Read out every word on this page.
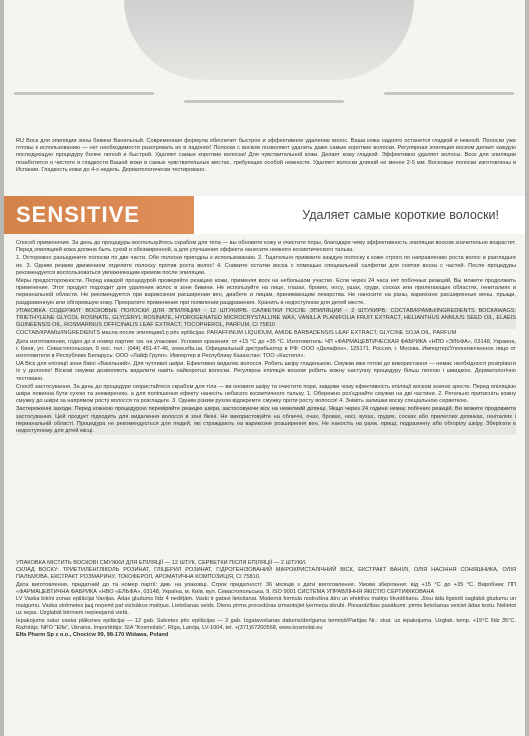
RU Воск для эпиляции зоны бикини Ванильный. Современная формула обеспечит быстрое и эффективное удаление волос. Ваша кожа надолго останется гладкой и нежной. Полоски уже готовы к использованию — нет необходимости разогревать их в ладонях! Полоски с воском позволяют удалить даже самые короткие волоски. Регулярная эпиляция воском делает каждую последующую процедуру более легкой и быстрой. Удаляет самые короткие волоски! Для чувствительной кожи. Делает кожу гладкой. Эффективно удаляет волосы. Воск для эпиляции позаботится о чистоте и гладкости Вашей кожи в самых чувствительных местах, требующих особой нежности. Удаляет волоски длиной не менее 2-5 мм. Восковые полоски изготовлены в Испании. Гладкость кожи до 4-х недель. Дерматологически тестировано.

SENSITIVE	Удаляет самые короткие волоски!

Способ применения. За день до процедуры воспользуйтесь скрабом для тела — вы обновите кожу и очистите поры, благодаря чему эффективность эпиляции воском значительно возрастет. Перед эпиляцией кожа должна быть сухой и обезжиренной, а для улучшения эффекта нанесите немного косметического талька.

1. Осторожно разъедините полоски по две части. Обе полоски пригодны к использованию. 2. Тщательно прижмите каждую полоску к коже строго по направлению роста волос и разгладьте их. 3. Одним резким движением отделите полоску против роста волос! 4. Снимите остатки воска с помощью специальной салфетки для снятия воска с частей. После процедуры рекомендуется воспользоваться увлажняющим кремом после эпиляции.

Меры предосторожности. Перед каждой процедурой проверяйте реакцию кожи, применяя воск на небольшом участке. Если через 24 часа нет побочных реакций, Вы можете продолжить применение. Этот продукт подходит для удаления волос в зоне бикини. Не используйте на лице, глазах, бровях, носу, ушах, груди, сосках или прилегающих областях, гениталиях и перианальной области. Не рекомендуется при варикозном расширении вен, диабете и лицам, принимающим лекарства. Не наносите на раны, варикозно расширенные вены, прыщи, раздраженную или обгоревшую кожу. Прекратите применение при появлении раздражения. Хранить в недоступном для детей месте.

УПАКОВКА СОДЕРЖИТ ВОСКОВЫЕ ПОЛОСКИ ДЛЯ ЭПИЛЯЦИИ - 12 ШТУКИРВ. САЛФЕТКИ ПОСЛЕ ЭПИЛЯЦИИ - 2 ШТУКИРВ. СОСТАВ/КРАМЫ/INGREDIENTS ВОСКАWAGS: TRIETHYLENE GLYCOL ROSINATE, GLYCERYL ROSINATE, HYDROGENATED MICROCRYSTALLINE WAX, VANILLA PLANIFOLIA FRUIT EXTRACT, HELIANTHUS ANNUUS SEED OIL, ELAEIS GUINEENSIS OIL, ROSMARINUS OFFICINALIS LEAF EXTRACT, TOCOPHEROL, PARFUM, CI 75810

СОСТАВ/КРАМЫ/INGREDIENTS масла после эпиляции/Lņ pēc epilācijas: PARAFFINUM LIQUIDUM, AMIDE BARBADENSIS LEAF EXTRACT, GLYCINE SOJA OIL, PARFUM

Дата изготовления, годен до и номер партии: см. на упаковке. Условия хранения: от +15 °С до +35 °С. Изготовитель: ЧП «ФАРМАЦЕВТИЧЕСКАЯ ФАБРИКА «НПО «ЭЛЬФА», 03148, Украина, г. Киев, ул. Севастопольская, 9 оос. тел.: (044) 451-47-46, www.elfa.ua. Официальный дистрибьютор в РФ: ООО «Делафон», 125171, Россия, г. Москва. Импортер/Уполномоченное лицо от изготовителя в Республике Беларусь: ООО «Лайф Групп». Импортер в Республику Казахстан: ТОО «Кастелл».

UA Віск для епіляції зони бікіні «Ванільний». Для чутливої шкіри. Ефективно видаляє волосся. Робить шкіру гладенькою. Смужки вже готові до використання — немає необхідності розігрівати їх у долонях! Віскові смужки дозволяють видалити навіть найкоротші волоски. Регулярна епіляція воском робить кожну наступну процедуру більш легкою і швидкою. Дерматологічно тестовано.

Спосіб застосування. За день до процедури скористайтеся скрабом для тіла — ви оновите шкіру та очистите пори, завдяки чому ефективність епіляції воском значно зросте. Перед епіляцією шкіра повинна бути сухою та знежиреною, а для поліпшення ефекту нанесіть небагато косметичного тальку. 1. Обережно роз'єднайте смужки на дві частини. 2. Ретельно притисніть кожну смужку до шкіри за напрямом росту волосся та розгладьте. 3. Одним різким рухом відокремте смужку проти росту волосся! 4. Зніміть залишки воску спеціальною серветкою.

Застереженні заходи. Перед кожною процедурою перевіряйте реакцію шкіри, застосовуючи віск на невеликій ділянці. Якщо через 24 години немає побічних реакцій, Ви можете продовжити застосування. Цей продукт підходить для видалення волосся в зоні бікіні. Не використовуйте на обличчі, очах, бровах, носі, вухах, грудях, сосках або прилеглих ділянках, геніталіях і перианальній області. Процедура не рекомендується для людей, які страждають на варикозне розширення вен. Не наносіть на рани, прищі, подразнену або обгорілу шкіру. Зберігати в недоступному для дітей місці.

УПАКОВКА МІСТИТЬ ВОСКОВІ СМУЖКИ ДЛЯ ЕПІЛЯЦІЇ — 12 ШТУК, СЕРВЕТКИ ПІСЛЯ ЕПІЛЯЦІЇ — 2 ШТУКИ.

СКЛАД ВОСКУ: ТРИЕТИЛЕНГЛІКОЛЬ РОЗИНАТ, ГЛІЦЕРИЛ РОЗИНАТ, ГІДРОГЕНІЗОВАНИЙ МІКРОКРИСТАЛІЧНИЙ ВІСК, ЕКСТРАКТ ВАНІЛІ, ОЛІЯ НАСІННЯ СОНЯШНИКА, ОЛІЯ ПАЛЬМОВА, ЕКСТРАКТ РОЗМАРИНУ, ТОКОФЕРОЛ, АРОМАТИЧНА КОМПОЗИЦІЯ, CI 75810.

Дата виготовлення, придатний до та номер партії: див. на упаковці. Строк придатності: 36 місяців з дати виготовлення. Умови зберігання: від +15 °С до +35 °С. Виробник: ПП «ФАРМАЦЕВТИЧНА ФАБРИКА «НВО «ЕЛЬФА», 03148, Україна, м. Київ, вул. Севастопольська, 9. ISO 9001 СИСТЕМА УПРАВЛІННЯ ЯКІСТЮ СЕРТИФІКОВАНА

LV Vaska bikini zonas epilācijai Vaniļas. Ādas gludums līdz 4 nedēļām. Vaski ir gatavi lietošanai. Modernā formula nodrošina ātru un efektīvu matiņu likvidēšanu. Jūsu āda ilgstoši saglabā gludumu un maigumu. Vaska strēmeles ļauj noņemt pat visīsākos matiņus. Lietošanas veids. Dienu pirms procedūras izmantojiet ķermeņa skrubi. Piesardzības pasākumi: pirms lietošanas veiciet ādas testu. Nelietot uz sejas. Uzglabāt bērniem nepieejamā vietā.

Iepakojums satur vaska plāksnes epilācijai — 12 gab. Salvetes pēc epilācijas — 2 gab. Izgatavošanas datums/derīguma termiņš/Partijas Nr.: skat. uz iepakojuma. Uzglab. temp. +15°C līdz 35°C. Ražotājs: NPO "Elfa", Ukraina. Importētājs: SIA "Kosmolats", Rīga, Latvija, LV-1004, tel. +(371)67200568, www.kosmolat.eu

Elfa Pharm Sp z o.o., Chocicw 99, 98-170 Widawa, Poland
